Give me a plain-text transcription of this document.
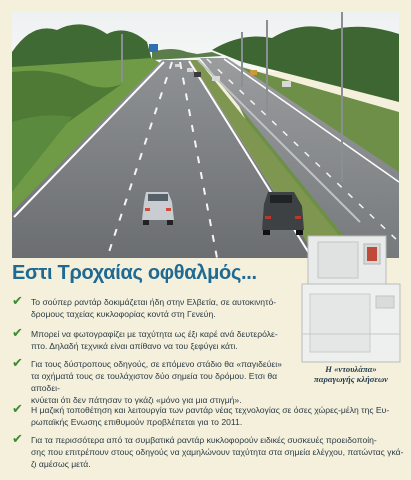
Εστι Τροχαίας οφθαλμός...
Η «ντουλάπα»
παραγωγής κλήσεων
✔ Το σούπερ ραντάρ δοκιμάζεται ήδη στην Ελβετία, σε αυτοκινητό-
δρομους ταχείας κυκλοφορίας κοντά στη Γενεύη.
✔ Μπορεί να φωτογραφίζει με ταχύτητα ως έξι καρέ ανά δευτερόλε-
πτο. Δηλαδή τεχνικά είναι απίθανο να του ξεφύγει κάτι.
✔ Για τους δύστροπους οδηγούς, σε επόμενο στάδιο θα «παγιδεύει»
τα οχήματά τους σε τουλάχιστον δύο σημεία του δρόμου. Ετσι θα αποδει-
κνύεται ότι δεν πάτησαν το γκάζι «μόνο για μια στιγμή».
✔ Η μαζική τοποθέτηση και λειτουργία των ραντάρ νέας τεχνολογίας σε όσες χώρες-μέλη της Ευ-
ρωπαϊκής Ενωσης επιθυμούν προβλέπεται για το 2011.
✔ Για τα περισσότερα από τα συμβατικά ραντάρ κυκλοφορούν ειδικές συσκευές προειδοποίη-
σης που επιτρέπουν στους οδηγούς να χαμηλώνουν ταχύτητα στα σημεία ελέγχου, πατώντας γκά-
ζι αμέσως μετά.
